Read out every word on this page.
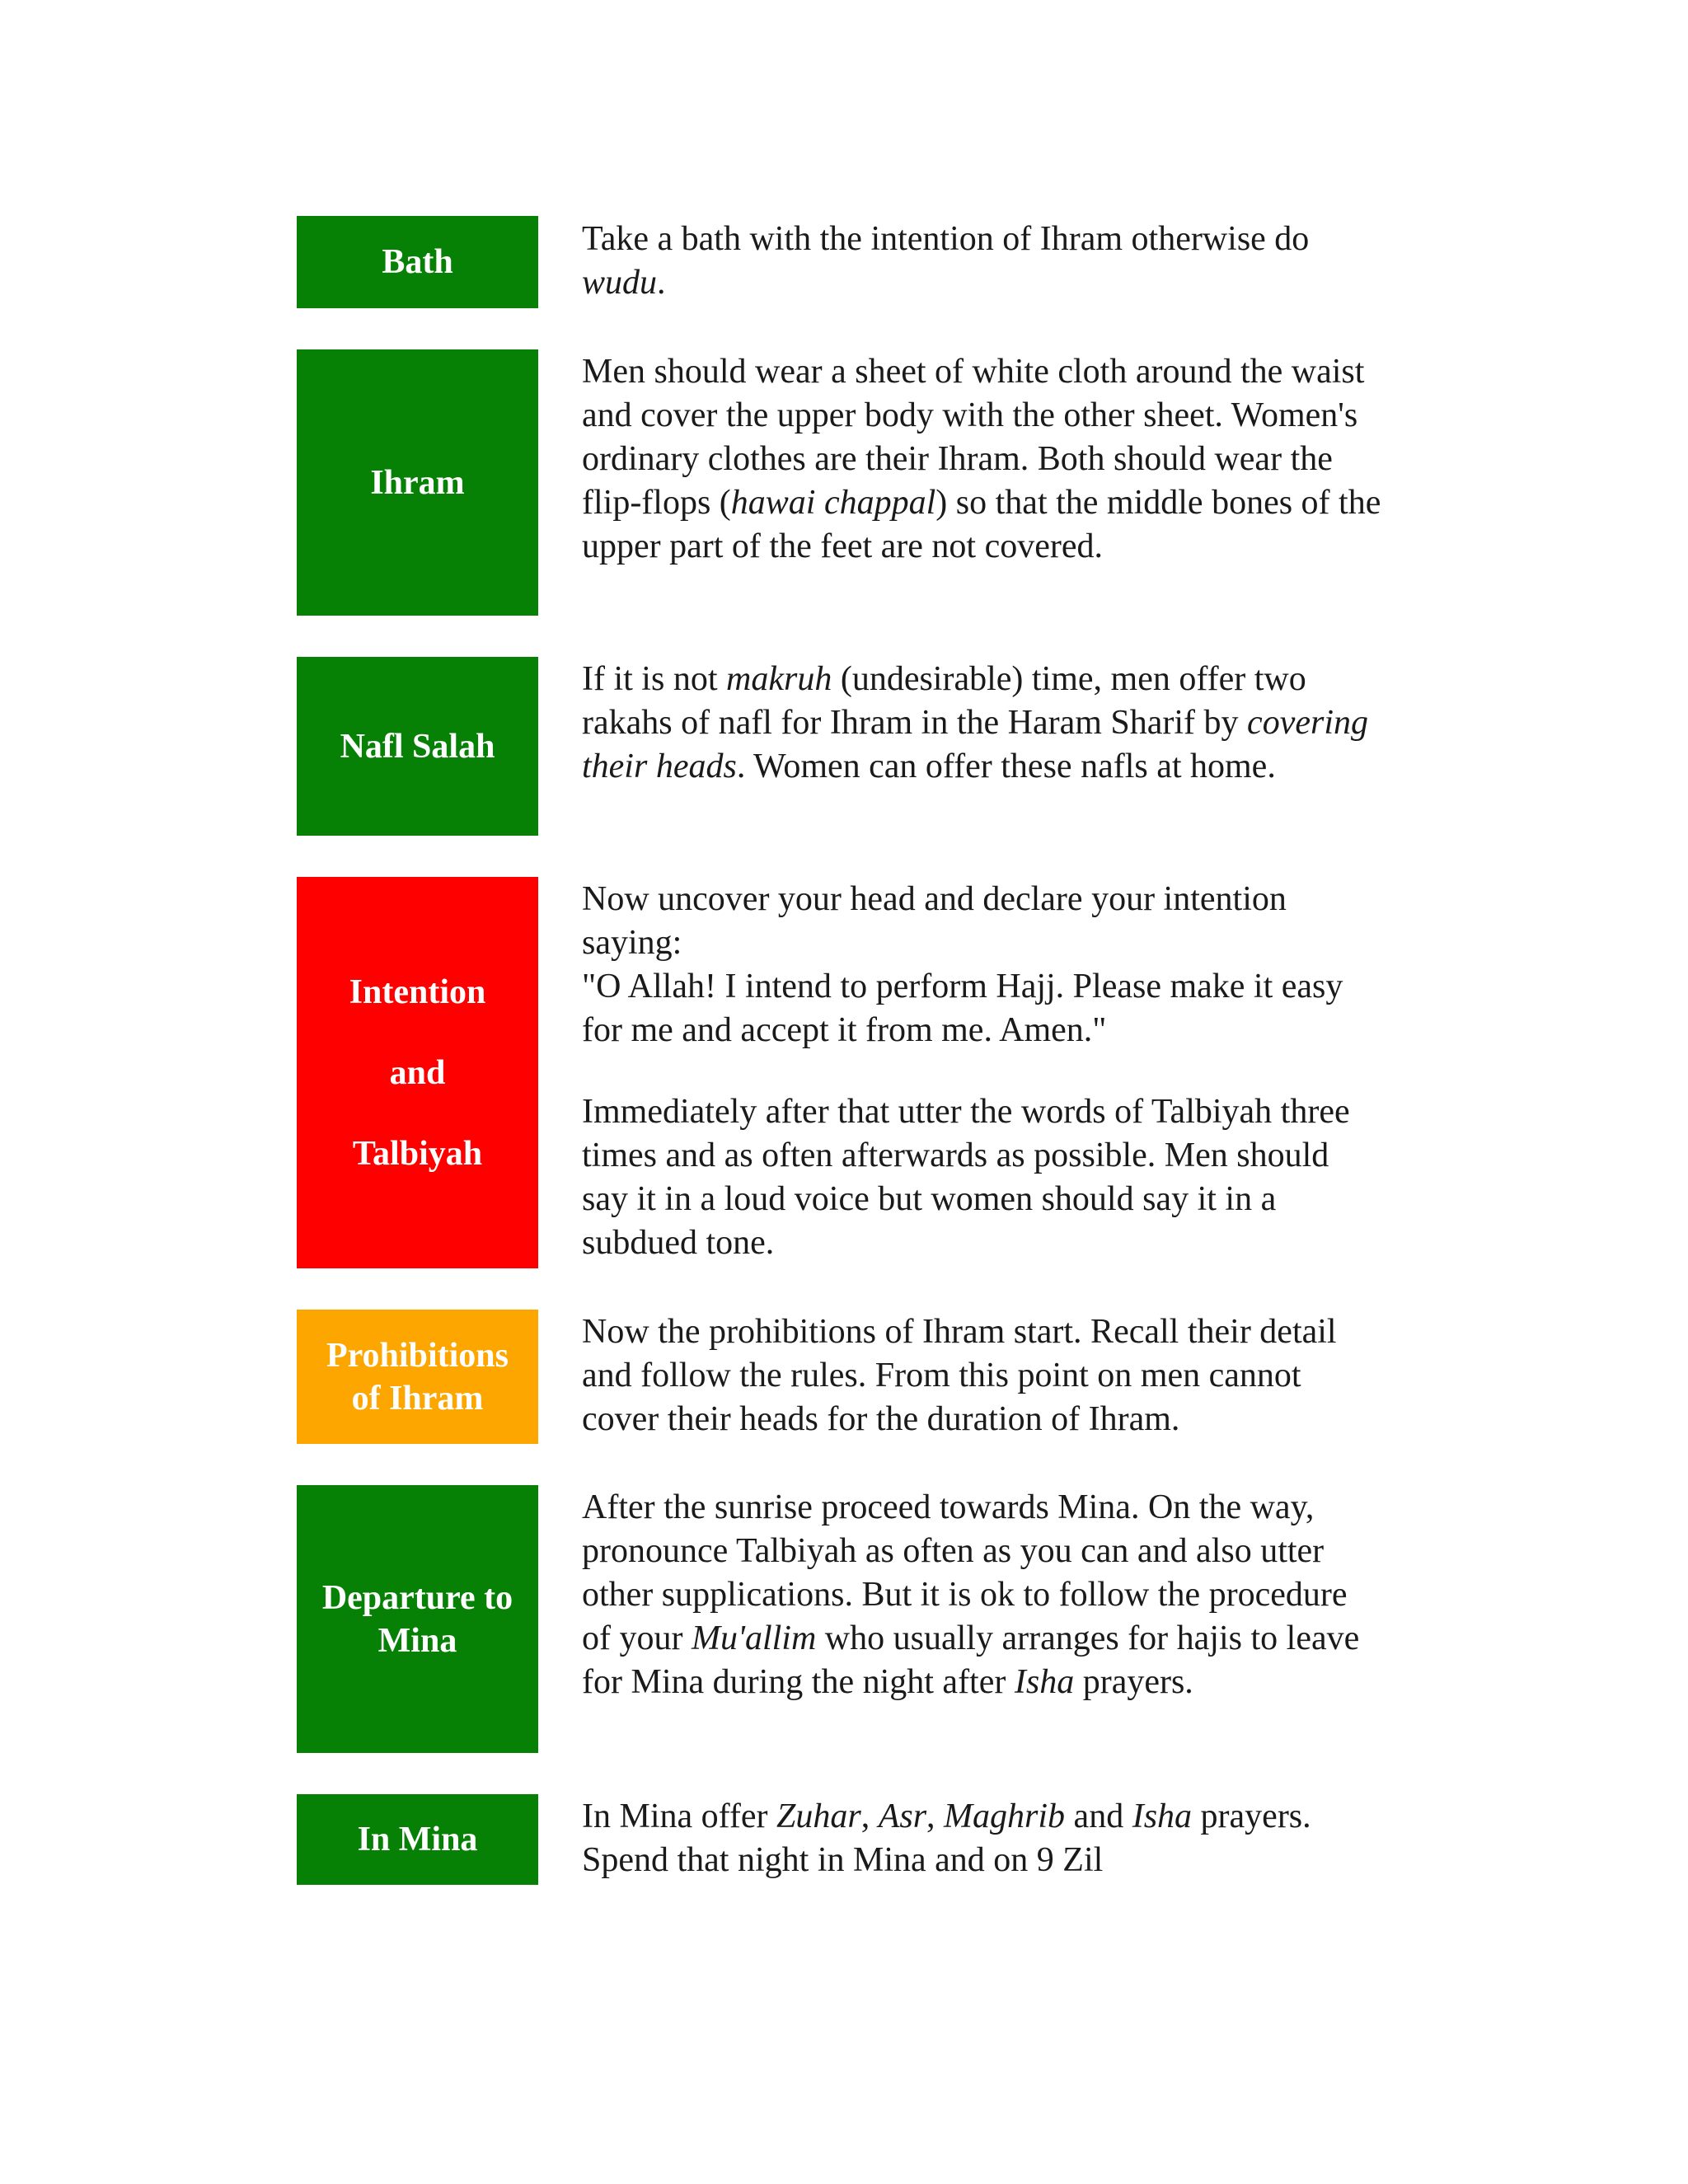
Bath

Take a bath with the intention of Ihram otherwise do wudu.

Ihram

Men should wear a sheet of white cloth around the waist and cover the upper body with the other sheet. Women's ordinary clothes are their Ihram. Both should wear the flip-flops (hawai chappal) so that the middle bones of the upper part of the feet are not covered.

Nafl Salah

If it is not makruh (undesirable) time, men offer two rakahs of nafl for Ihram in the Haram Sharif by covering their heads. Women can offer these nafls at home.

Intention
and
Talbiyah

Now uncover your head and declare your intention saying:

"O Allah! I intend to perform Hajj. Please make it easy for me and accept it from me. Amen."

Immediately after that utter the words of Talbiyah three times and as often afterwards as possible. Men should say it in a loud voice but women should say it in a subdued tone.

Prohibitions
of Ihram

Now the prohibitions of Ihram start. Recall their detail and follow the rules. From this point on men cannot cover their heads for the duration of Ihram.

Departure to
Mina

After the sunrise proceed towards Mina. On the way, pronounce Talbiyah as often as you can and also utter other supplications. But it is ok to follow the procedure of your Mu'allim who usually arranges for hajis to leave for Mina during the night after Isha prayers.

In Mina

In Mina offer Zuhar, Asr, Maghrib and Isha prayers. Spend that night in Mina and on 9 Zil
